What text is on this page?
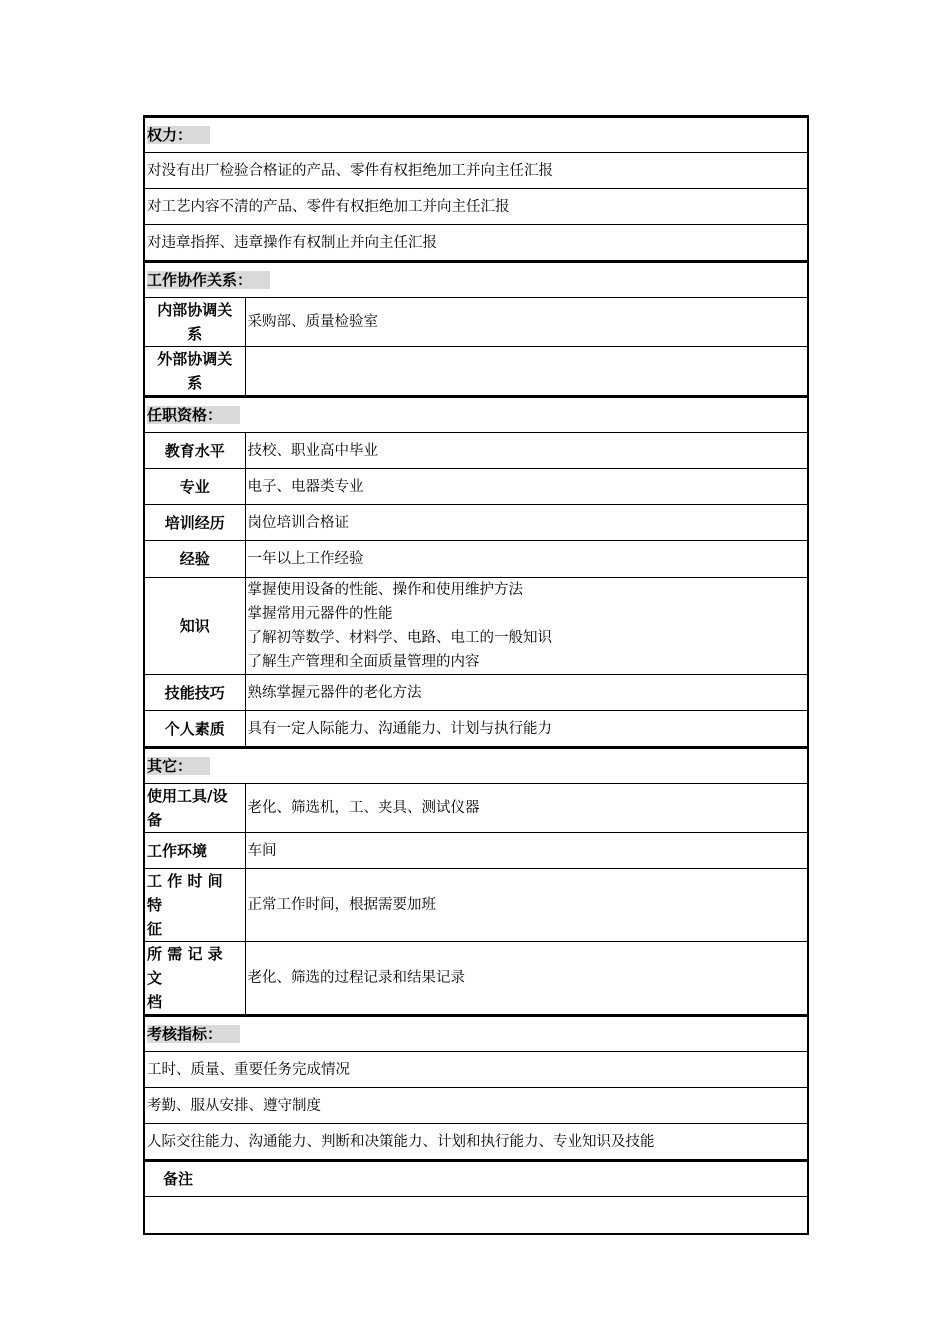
权力：	
对没有出厂检验合格证的产品、零件有权拒绝加工并向主任汇报	
对工艺内容不清的产品、零件有权拒绝加工并向主任汇报	
对违章指挥、违章操作有权制止并向主任汇报	
工作协作关系：	

内部协调关
系	采购部、质量检验室

外部协调关
系	

任职资格：	
教育水平	技校、职业高中毕业
专业	电子、电器类专业
培训经历	岗位培训合格证
经验	一年以上工作经验
知识	掌握使用设备的性能、操作和使用维护方法
掌握常用元器件的性能
了解初等数学、材料学、电路、电工的一般知识
了解生产管理和全面质量管理的内容

技能技巧	熟练掌握元器件的老化方法
个人素质	具有一定人际能力、沟通能力、计划与执行能力
其它：	

使用工具/设
备	老化、筛选机，工、夹具、测试仪器
工作环境	车间

工 作 时 间 特
征	正常工作时间，根据需要加班

所 需 记 录 文
档	老化、筛选的过程记录和结果记录
考核指标：	
工时、质量、重要任务完成情况	
考勤、服从安排、遵守制度	
人际交往能力、沟通能力、判断和决策能力、计划和执行能力、专业知识及技能	
备注	
